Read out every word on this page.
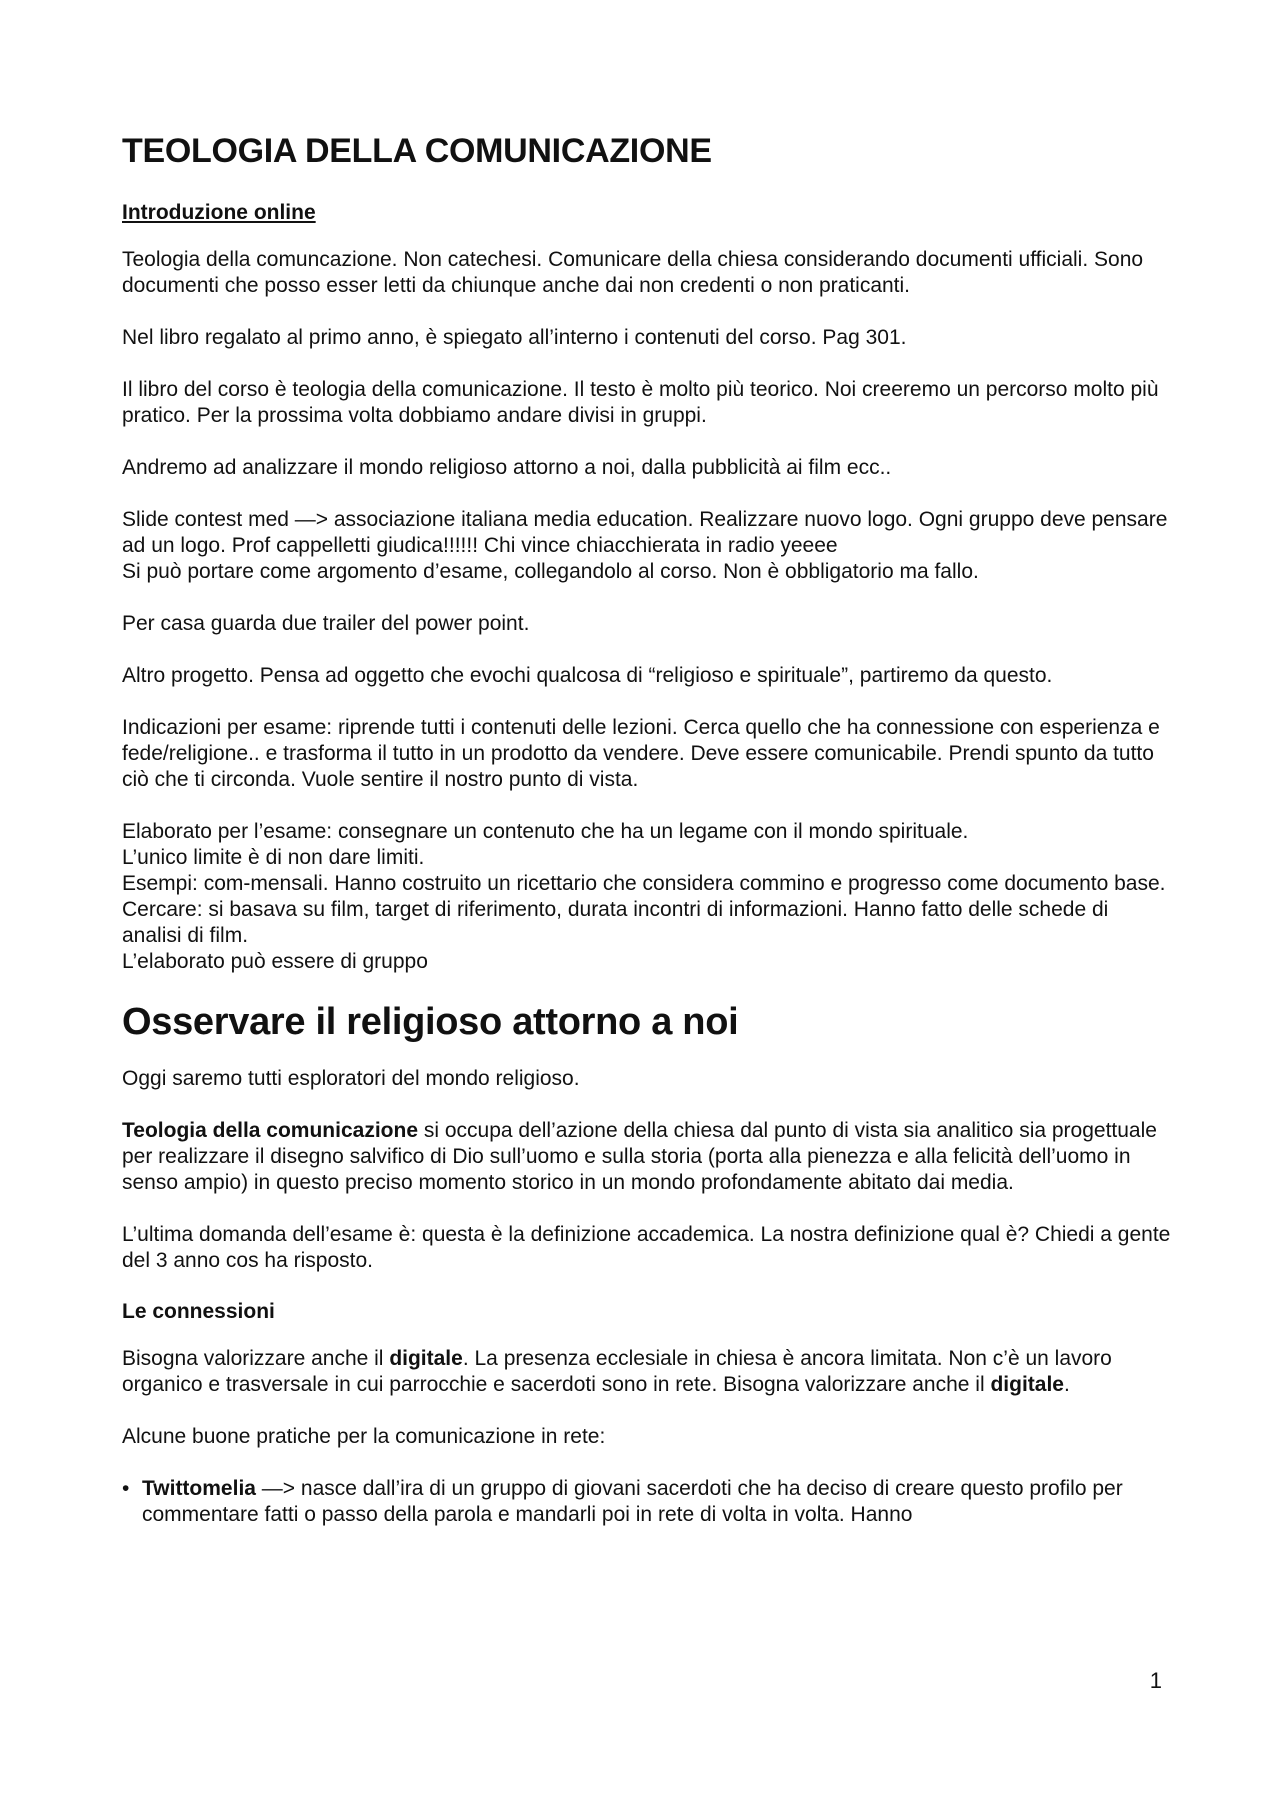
TEOLOGIA DELLA COMUNICAZIONE
Introduzione online

Teologia della comuncazione. Non catechesi. Comunicare della chiesa considerando documenti ufficiali. Sono documenti che posso esser letti da chiunque anche dai non credenti o non praticanti.

Nel libro regalato al primo anno, è spiegato all’interno i contenuti del corso. Pag 301.

Il libro del corso è teologia della comunicazione. Il testo è molto più teorico. Noi creeremo un percorso molto più pratico. Per la prossima volta dobbiamo andare divisi in gruppi.

Andremo ad analizzare il mondo religioso attorno a noi, dalla pubblicità ai film ecc..

Slide contest med —> associazione italiana media education. Realizzare nuovo logo. Ogni gruppo deve pensare ad un logo. Prof cappelletti giudica!!!!!! Chi vince chiacchierata in radio yeeee

Si può portare come argomento d’esame, collegandolo al corso. Non è obbligatorio ma fallo.

Per casa guarda due trailer del power point.

Altro progetto. Pensa ad oggetto che evochi qualcosa di “religioso e spirituale”, partiremo da questo.

Indicazioni per esame: riprende tutti i contenuti delle lezioni. Cerca quello che ha connessione con esperienza e fede/religione.. e trasforma il tutto in un prodotto da vendere. Deve essere comunicabile. Prendi spunto da tutto ciò che ti circonda. Vuole sentire il nostro punto di vista.

Elaborato per l’esame: consegnare un contenuto che ha un legame con il mondo spirituale.

L’unico limite è di non dare limiti.

Esempi: com-mensali. Hanno costruito un ricettario che considera commino e progresso come documento base.

Cercare: si basava su film, target di riferimento, durata incontri di informazioni. Hanno fatto delle schede di analisi di film.

L’elaborato può essere di gruppo

Osservare il religioso attorno a noi

Oggi saremo tutti esploratori del mondo religioso.

Teologia della comunicazione si occupa dell’azione della chiesa dal punto di vista sia analitico sia progettuale per realizzare il disegno salvifico di Dio sull’uomo e sulla storia (porta alla pienezza e alla felicità dell’uomo in senso ampio) in questo preciso momento storico in un mondo profondamente abitato dai media.

L’ultima domanda dell’esame è: questa è la definizione accademica. La nostra definizione qual è? Chiedi a gente del 3 anno cos ha risposto.

Le connessioni

Bisogna valorizzare anche il digitale. La presenza ecclesiale in chiesa è ancora limitata. Non c’è un lavoro organico e trasversale in cui parrocchie e sacerdoti sono in rete. Bisogna valorizzare anche il digitale.

Alcune buone pratiche per la comunicazione in rete:

• Twittomelia —> nasce dall’ira di un gruppo di giovani sacerdoti che ha deciso di creare questo profilo per commentare fatti o passo della parola e mandarli poi in rete di volta in volta. Hanno
1
